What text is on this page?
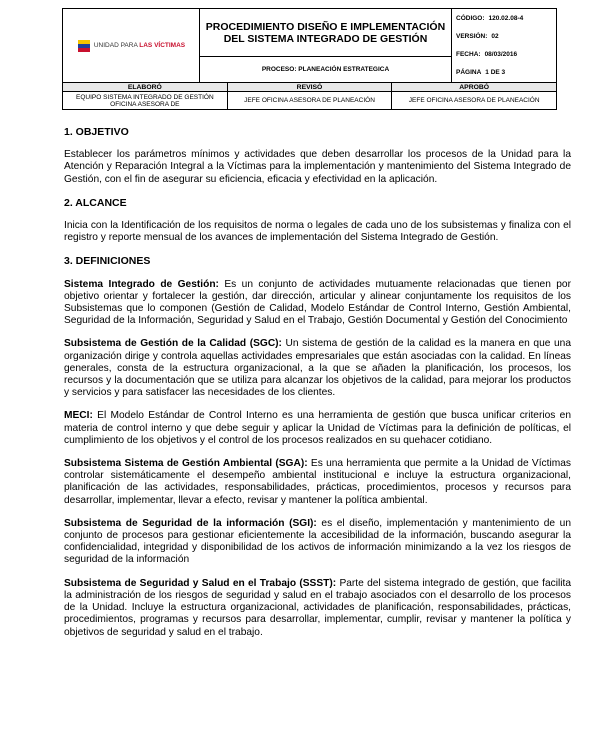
UNIDAD PARA LAS VÍCTIMAS
PROCEDIMIENTO DISEÑO E IMPLEMENTACIÓN DEL SISTEMA INTEGRADO DE GESTIÓN
PROCESO: PLANEACIÓN ESTRATEGICA
CÓDIGO: 120.02.08-4
VERSIÓN: 02
FECHA: 08/03/2016
PÁGINA 1 DE 3
ELABORÓ	REVISÓ	APROBÓ
EQUIPO SISTEMA INTEGRADO DE GESTIÓN OFICINA ASESORA DE	JEFE OFICINA ASESORA DE PLANEACIÓN	JEFE OFICINA ASESORA DE PLANEACIÓN

1. OBJETIVO

Establecer los parámetros mínimos y actividades que deben desarrollar los procesos de la Unidad para la Atención y Reparación Integral a la Víctimas para la implementación y mantenimiento del Sistema Integrado de Gestión, con el fin de asegurar su eficiencia, eficacia y efectividad en la aplicación.

2. ALCANCE

Inicia con la Identificación de los requisitos de norma o legales de cada uno de los subsistemas y finaliza con el registro y reporte mensual de los avances de implementación del Sistema Integrado de Gestión.

3. DEFINICIONES

Sistema Integrado de Gestión: Es un conjunto de actividades mutuamente relacionadas que tienen por objetivo orientar y fortalecer la gestión, dar dirección, articular y alinear conjuntamente los requisitos de los Subsistemas que lo componen (Gestión de Calidad, Modelo Estándar de Control Interno, Gestión Ambiental, Seguridad de la Información, Seguridad y Salud en el Trabajo, Gestión Documental y Gestión del Conocimiento

Subsistema de Gestión de la Calidad (SGC): Un sistema de gestión de la calidad es la manera en que una organización dirige y controla aquellas actividades empresariales que están asociadas con la calidad. En líneas generales, consta de la estructura organizacional, a la que se añaden la planificación, los procesos, los recursos y la documentación que se utiliza para alcanzar los objetivos de la calidad, para mejorar los productos y servicios y para satisfacer las necesidades de los clientes.

MECI: El Modelo Estándar de Control Interno es una herramienta de gestión que busca unificar criterios en materia de control interno y que debe seguir y aplicar la Unidad de Víctimas para la definición de políticas, el cumplimiento de los objetivos y el control de los procesos realizados en su quehacer cotidiano.

Subsistema Sistema de Gestión Ambiental (SGA): Es una herramienta que permite a la Unidad de Víctimas controlar sistemáticamente el desempeño ambiental institucional e incluye la estructura organizacional, planificación de las actividades, responsabilidades, prácticas, procedimientos, procesos y recursos para desarrollar, implementar, llevar a efecto, revisar y mantener la política ambiental.

Subsistema de Seguridad de la información (SGI): es el diseño, implementación y mantenimiento de un conjunto de procesos para gestionar eficientemente la accesibilidad de la información, buscando asegurar la confidencialidad, integridad y disponibilidad de los activos de información minimizando a la vez los riesgos de seguridad de la información

Subsistema de Seguridad y Salud en el Trabajo (SSST): Parte del sistema integrado de gestión, que facilita la administración de los riesgos de seguridad y salud en el trabajo asociados con el desarrollo de los procesos de la Unidad. Incluye la estructura organizacional, actividades de planificación, responsabilidades, prácticas, procedimientos, programas y recursos para desarrollar, implementar, cumplir, revisar y mantener la política y objetivos de seguridad y salud en el trabajo.
